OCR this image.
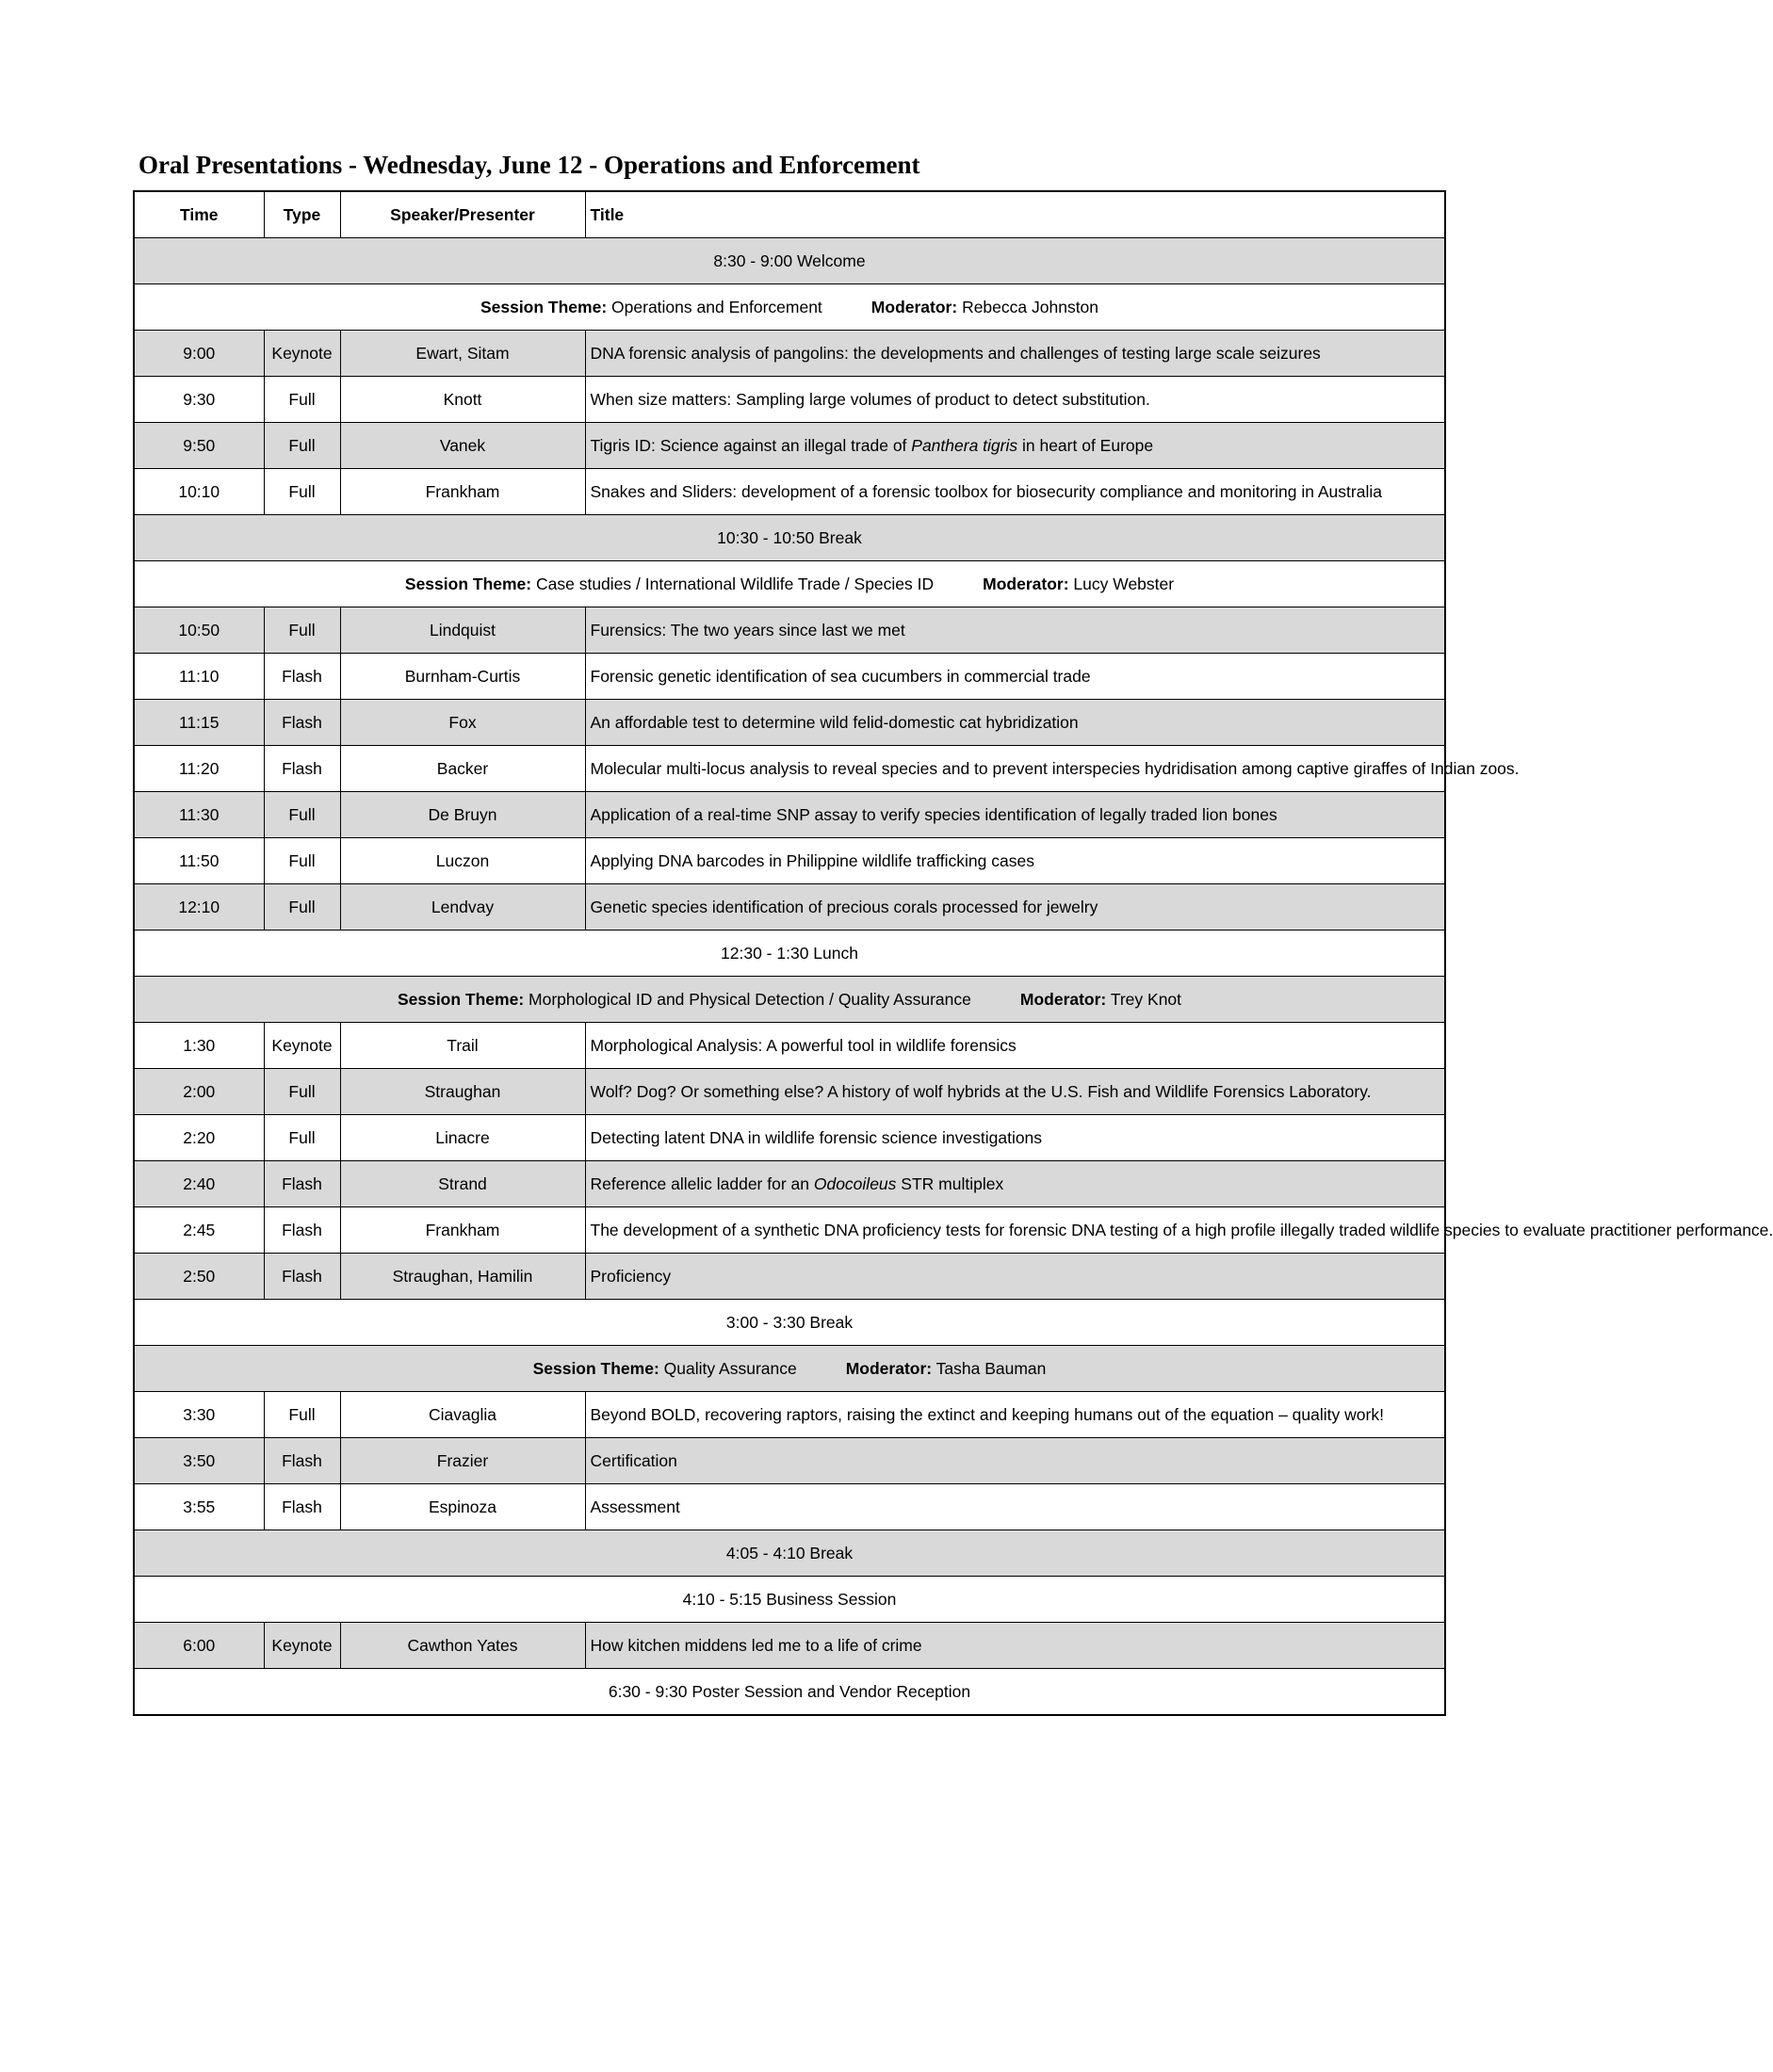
Oral Presentations - Wednesday, June 12 - Operations and Enforcement
Time	Type	Speaker/Presenter	Title
8:30 - 9:00 Welcome			
Session Theme: Operations and Enforcement Moderator: Rebecca Johnston			
9:00	Keynote	Ewart, Sitam	DNA forensic analysis of pangolins: the developments and challenges of testing large scale seizures
9:30	Full	Knott	When size matters: Sampling large volumes of product to detect substitution.
9:50	Full	Vanek	Tigris ID: Science against an illegal trade of Panthera tigris in heart of Europe
10:10	Full	Frankham	Snakes and Sliders: development of a forensic toolbox for biosecurity compliance and monitoring in Australia
10:30 - 10:50 Break			
Session Theme: Case studies / International Wildlife Trade / Species ID Moderator: Lucy Webster			
10:50	Full	Lindquist	Furensics: The two years since last we met
11:10	Flash	Burnham-Curtis	Forensic genetic identification of sea cucumbers in commercial trade
11:15	Flash	Fox	An affordable test to determine wild felid-domestic cat hybridization
11:20	Flash	Backer	Molecular multi-locus analysis to reveal species and to prevent interspecies hydridisation among captive giraffes of Indian zoos.
11:30	Full	De Bruyn	Application of a real-time SNP assay to verify species identification of legally traded lion bones
11:50	Full	Luczon	Applying DNA barcodes in Philippine wildlife trafficking cases
12:10	Full	Lendvay	Genetic species identification of precious corals processed for jewelry
12:30 - 1:30 Lunch			
Session Theme: Morphological ID and Physical Detection / Quality Assurance Moderator: Trey Knot			
1:30	Keynote	Trail	Morphological Analysis: A powerful tool in wildlife forensics
2:00	Full	Straughan	Wolf? Dog? Or something else? A history of wolf hybrids at the U.S. Fish and Wildlife Forensics Laboratory.
2:20	Full	Linacre	Detecting latent DNA in wildlife forensic science investigations
2:40	Flash	Strand	Reference allelic ladder for an Odocoileus STR multiplex
2:45	Flash	Frankham	The development of a synthetic DNA proficiency tests for forensic DNA testing of a high profile illegally traded wildlife species to evaluate practitioner performance.
2:50	Flash	Straughan, Hamilin	Proficiency
3:00 - 3:30 Break			
Session Theme: Quality Assurance Moderator: Tasha Bauman			
3:30	Full	Ciavaglia	Beyond BOLD, recovering raptors, raising the extinct and keeping humans out of the equation – quality work!
3:50	Flash	Frazier	Certification
3:55	Flash	Espinoza	Assessment
4:05 - 4:10 Break			
4:10 - 5:15 Business Session			
6:00	Keynote	Cawthon Yates	How kitchen middens led me to a life of crime
6:30 - 9:30 Poster Session and Vendor Reception			
